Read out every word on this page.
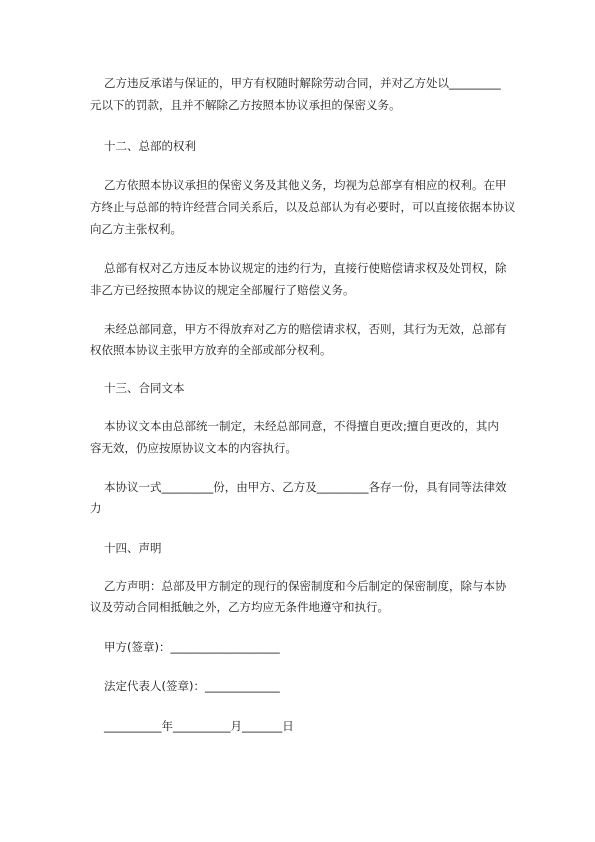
乙方违反承诺与保证的，甲方有权随时解除劳动合同，并对乙方处以_________
元以下的罚款，且并不解除乙方按照本协议承担的保密义务。
十二、总部的权利
乙方依照本协议承担的保密义务及其他义务，均视为总部享有相应的权利。在甲
方终止与总部的特许经营合同关系后，以及总部认为有必要时，可以直接依据本协议
向乙方主张权利。
总部有权对乙方违反本协议规定的违约行为，直接行使赔偿请求权及处罚权，除
非乙方已经按照本协议的规定全部履行了赔偿义务。
未经总部同意，甲方不得放弃对乙方的赔偿请求权，否则，其行为无效，总部有
权依照本协议主张甲方放弃的全部或部分权利。
十三、合同文本
本协议文本由总部统一制定，未经总部同意，不得擅自更改;擅自更改的，其内
容无效，仍应按原协议文本的内容执行。
本协议一式_________份，由甲方、乙方及_________各存一份，具有同等法律效
力
十四、声明
乙方声明：总部及甲方制定的现行的保密制度和今后制定的保密制度，除与本协
议及劳动合同相抵触之外，乙方均应无条件地遵守和执行。
甲方(签章)：___________________
法定代表人(签章)：_____________
__________年__________月_______日
